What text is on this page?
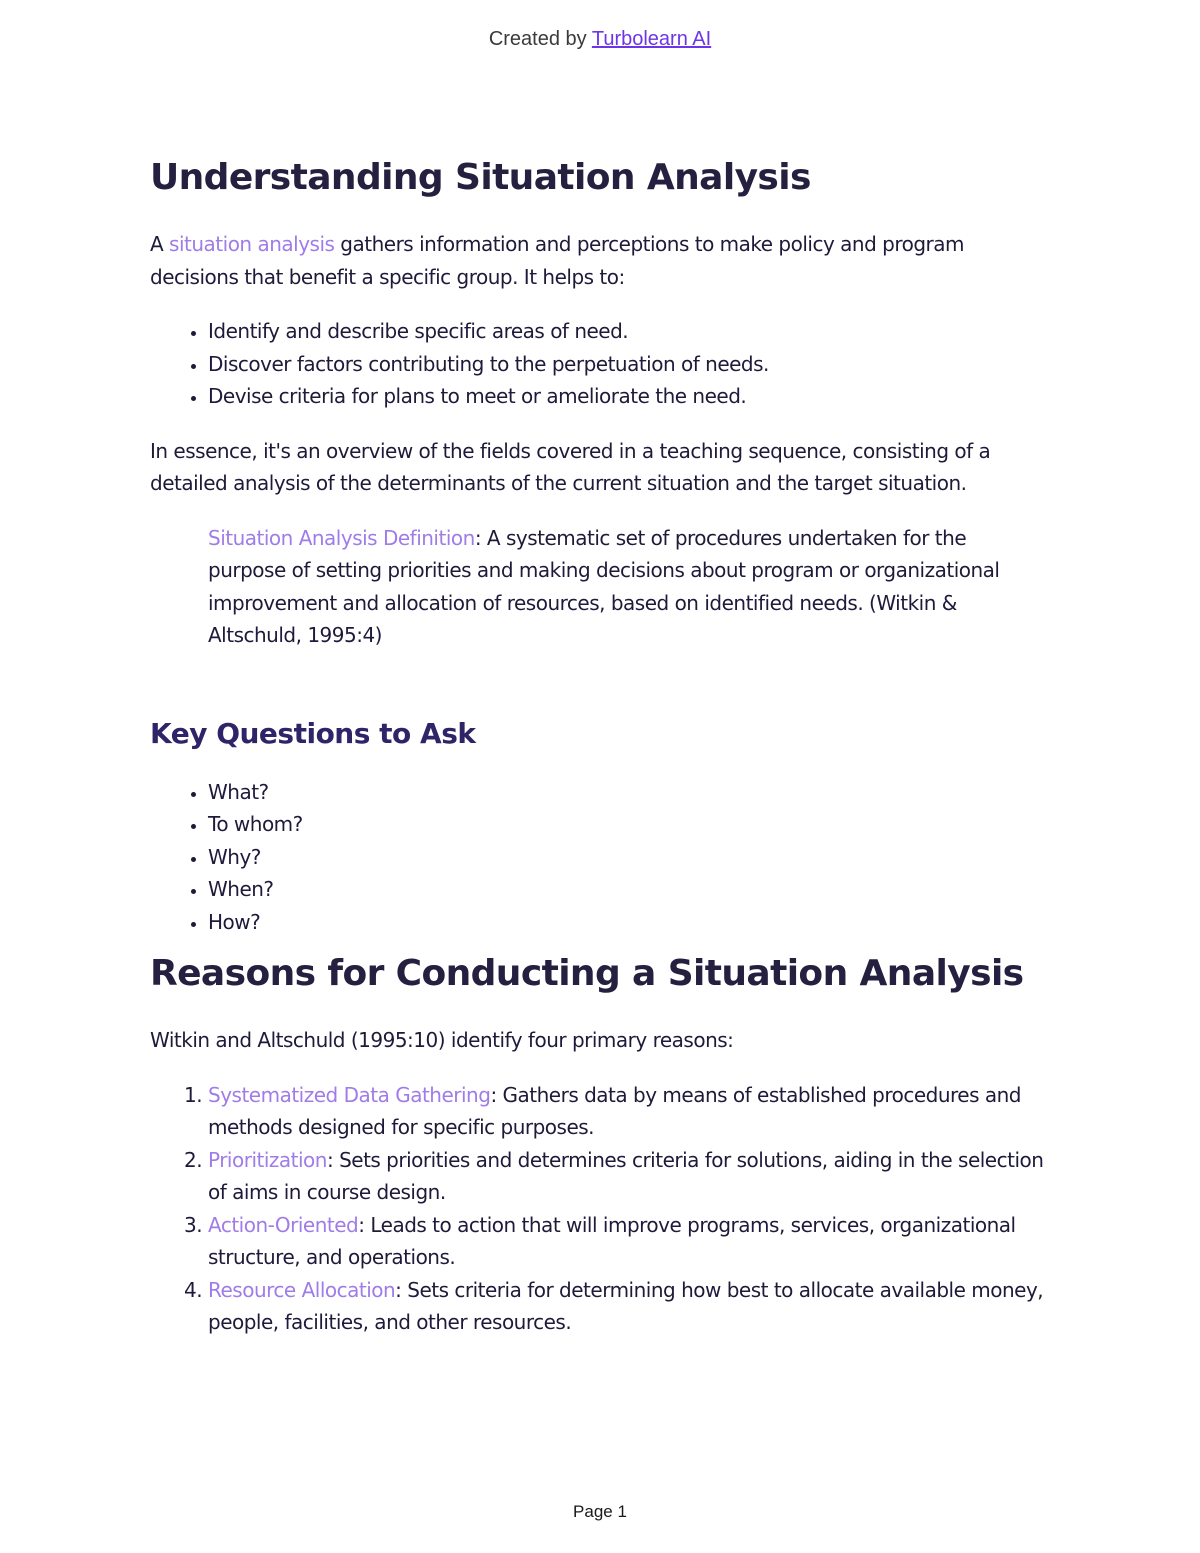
Created by Turbolearn AI
Understanding Situation Analysis

A situation analysis gathers information and perceptions to make policy and program decisions that benefit a specific group. It helps to:

• Identify and describe specific areas of need.
• Discover factors contributing to the perpetuation of needs.
• Devise criteria for plans to meet or ameliorate the need.

In essence, it's an overview of the fields covered in a teaching sequence, consisting of a detailed analysis of the determinants of the current situation and the target situation.

Situation Analysis Definition: A systematic set of procedures undertaken for the purpose of setting priorities and making decisions about program or organizational improvement and allocation of resources, based on identified needs. (Witkin & Altschuld, 1995:4)

Key Questions to Ask
• What?
• To whom?
• Why?
• When?
• How?
Reasons for Conducting a Situation Analysis

Witkin and Altschuld (1995:10) identify four primary reasons:

1. Systematized Data Gathering: Gathers data by means of established procedures and methods designed for specific purposes.
2. Prioritization: Sets priorities and determines criteria for solutions, aiding in the selection of aims in course design.
3. Action-Oriented: Leads to action that will improve programs, services, organizational structure, and operations.
4. Resource Allocation: Sets criteria for determining how best to allocate available money, people, facilities, and other resources.
Page 1
